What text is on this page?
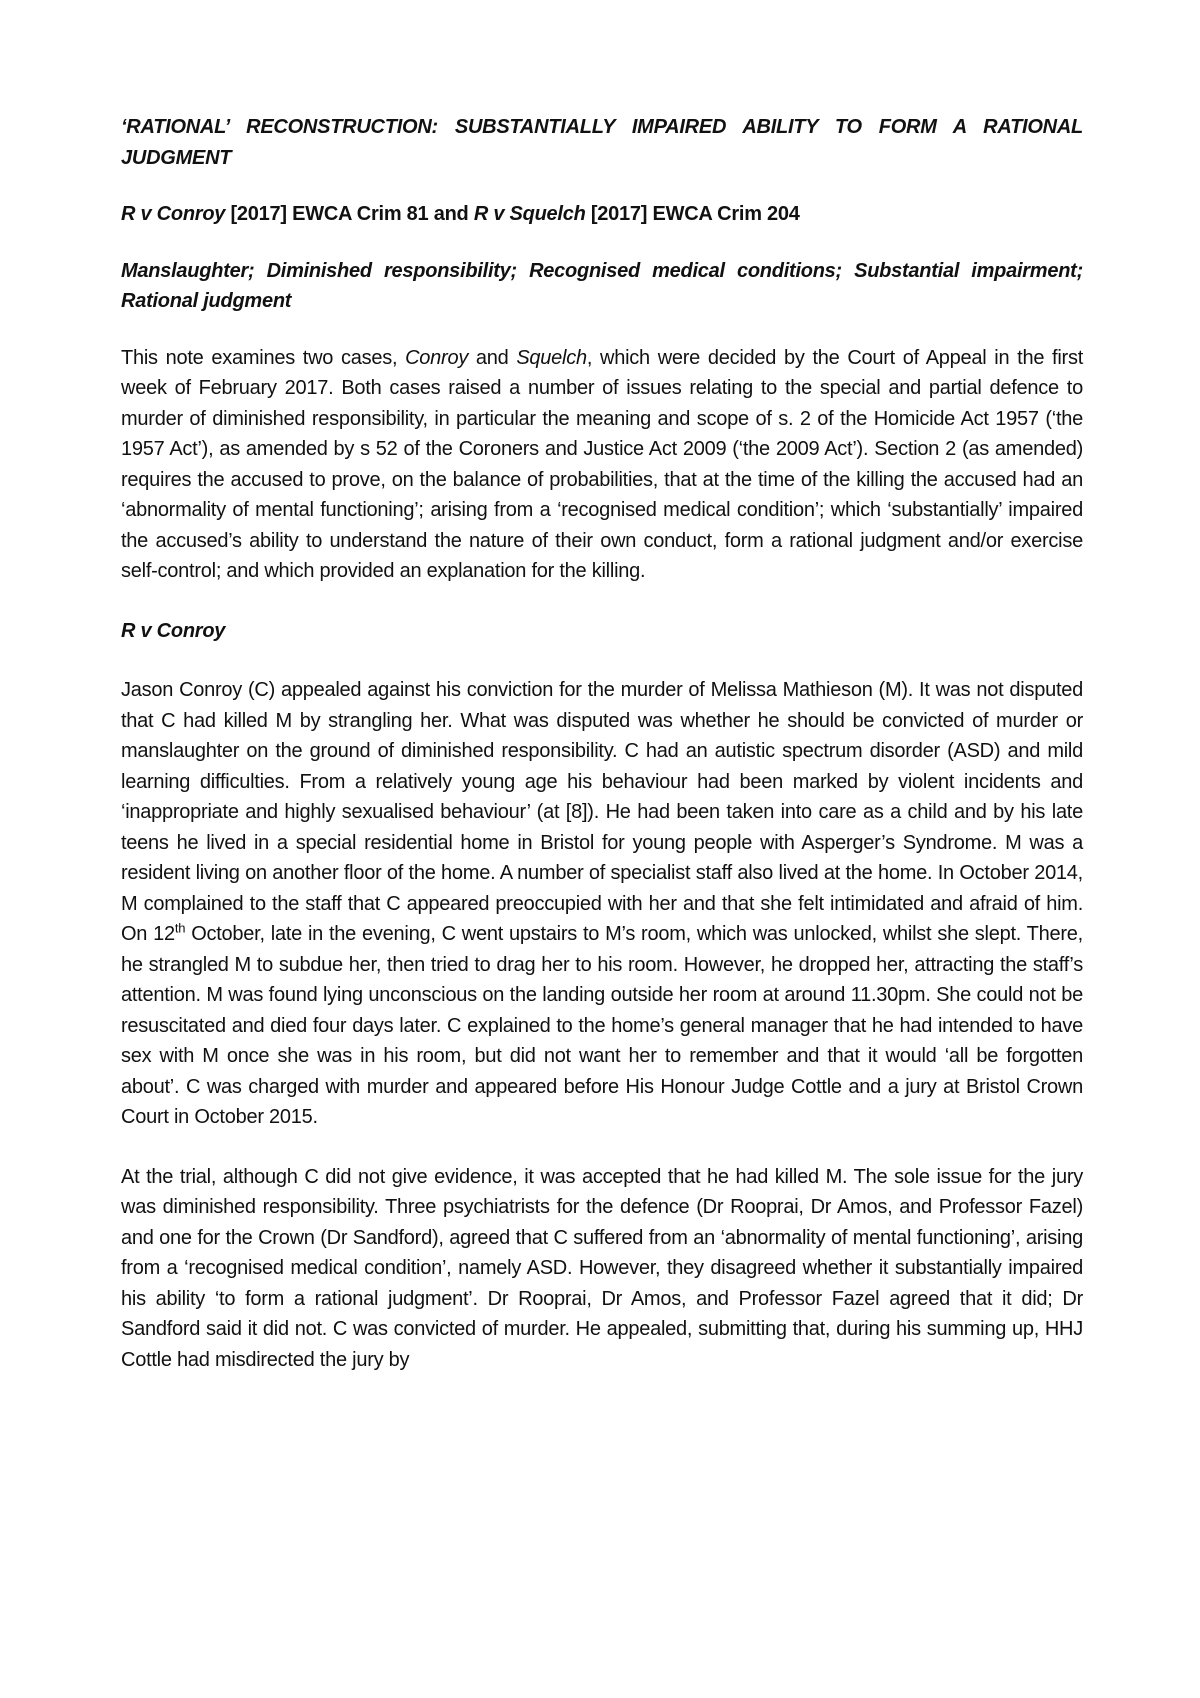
‘RATIONAL’ RECONSTRUCTION: SUBSTANTIALLY IMPAIRED ABILITY TO FORM A RATIONAL JUDGMENT
R v Conroy [2017] EWCA Crim 81 and R v Squelch [2017] EWCA Crim 204
Manslaughter; Diminished responsibility; Recognised medical conditions; Substantial impairment; Rational judgment

This note examines two cases, Conroy and Squelch, which were decided by the Court of Appeal in the first week of February 2017. Both cases raised a number of issues relating to the special and partial defence to murder of diminished responsibility, in particular the meaning and scope of s. 2 of the Homicide Act 1957 (‘the 1957 Act’), as amended by s 52 of the Coroners and Justice Act 2009 (‘the 2009 Act’). Section 2 (as amended) requires the accused to prove, on the balance of probabilities, that at the time of the killing the accused had an ‘abnormality of mental functioning’; arising from a ‘recognised medical condition’; which ‘substantially’ impaired the accused’s ability to understand the nature of their own conduct, form a rational judgment and/or exercise self-control; and which provided an explanation for the killing.

R v Conroy

Jason Conroy (C) appealed against his conviction for the murder of Melissa Mathieson (M). It was not disputed that C had killed M by strangling her. What was disputed was whether he should be convicted of murder or manslaughter on the ground of diminished responsibility. C had an autistic spectrum disorder (ASD) and mild learning difficulties. From a relatively young age his behaviour had been marked by violent incidents and ‘inappropriate and highly sexualised behaviour’ (at [8]). He had been taken into care as a child and by his late teens he lived in a special residential home in Bristol for young people with Asperger’s Syndrome. M was a resident living on another floor of the home. A number of specialist staff also lived at the home. In October 2014, M complained to the staff that C appeared preoccupied with her and that she felt intimidated and afraid of him. On 12th October, late in the evening, C went upstairs to M’s room, which was unlocked, whilst she slept. There, he strangled M to subdue her, then tried to drag her to his room. However, he dropped her, attracting the staff’s attention. M was found lying unconscious on the landing outside her room at around 11.30pm. She could not be resuscitated and died four days later. C explained to the home’s general manager that he had intended to have sex with M once she was in his room, but did not want her to remember and that it would ‘all be forgotten about’. C was charged with murder and appeared before His Honour Judge Cottle and a jury at Bristol Crown Court in October 2015.

At the trial, although C did not give evidence, it was accepted that he had killed M. The sole issue for the jury was diminished responsibility. Three psychiatrists for the defence (Dr Rooprai, Dr Amos, and Professor Fazel) and one for the Crown (Dr Sandford), agreed that C suffered from an ‘abnormality of mental functioning’, arising from a ‘recognised medical condition’, namely ASD. However, they disagreed whether it substantially impaired his ability ‘to form a rational judgment’. Dr Rooprai, Dr Amos, and Professor Fazel agreed that it did; Dr Sandford said it did not. C was convicted of murder. He appealed, submitting that, during his summing up, HHJ Cottle had misdirected the jury by
